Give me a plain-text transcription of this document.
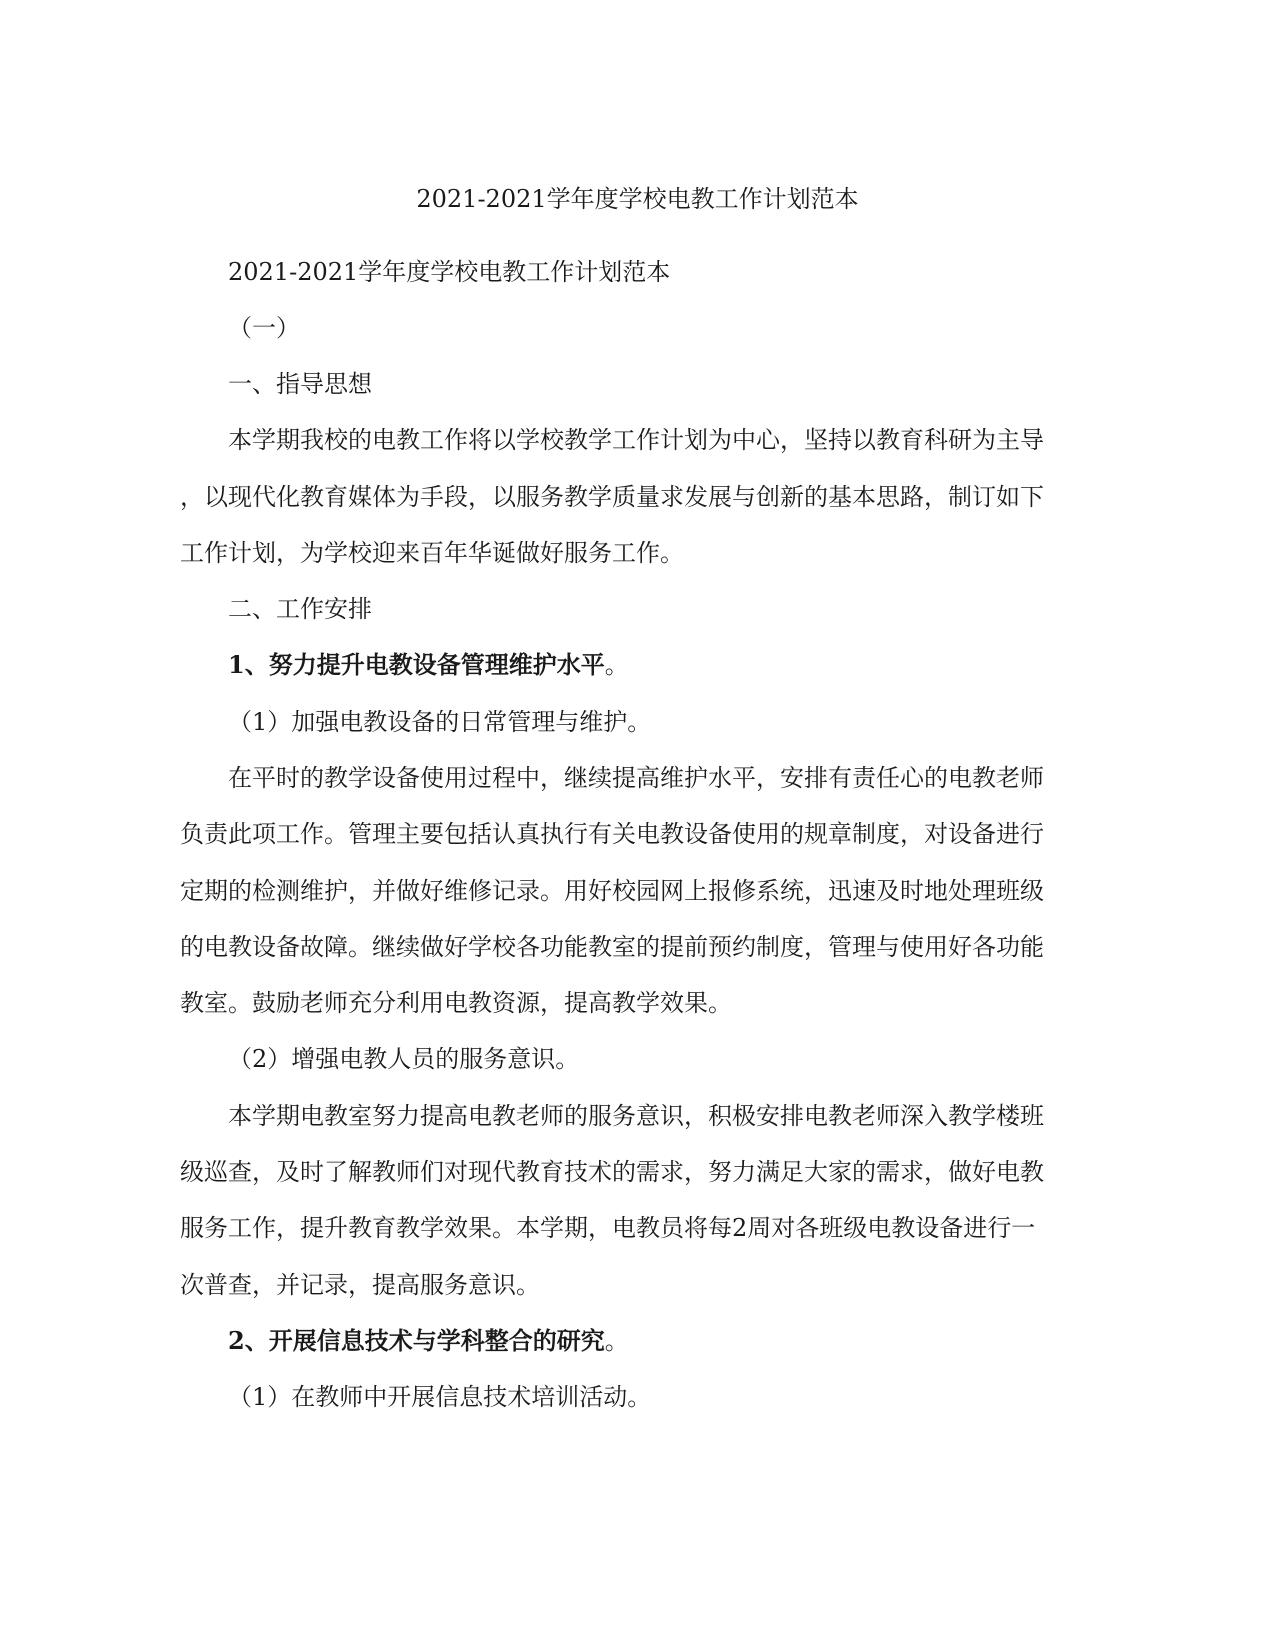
2021-2021学年度学校电教工作计划范本
2021-2021学年度学校电教工作计划范本
（一）
一、指导思想
本学期我校的电教工作将以学校教学工作计划为中心，坚持以教育科研为主导
，以现代化教育媒体为手段，以服务教学质量求发展与创新的基本思路，制订如下
工作计划，为学校迎来百年华诞做好服务工作。
二、工作安排
1、努力提升电教设备管理维护水平。
（1）加强电教设备的日常管理与维护。
在平时的教学设备使用过程中，继续提高维护水平，安排有责任心的电教老师
负责此项工作。管理主要包括认真执行有关电教设备使用的规章制度，对设备进行
定期的检测维护，并做好维修记录。用好校园网上报修系统，迅速及时地处理班级
的电教设备故障。继续做好学校各功能教室的提前预约制度，管理与使用好各功能
教室。鼓励老师充分利用电教资源，提高教学效果。
（2）增强电教人员的服务意识。
本学期电教室努力提高电教老师的服务意识，积极安排电教老师深入教学楼班
级巡查，及时了解教师们对现代教育技术的需求，努力满足大家的需求，做好电教
服务工作，提升教育教学效果。本学期，电教员将每2周对各班级电教设备进行一
次普查，并记录，提高服务意识。
2、开展信息技术与学科整合的研究。
（1）在教师中开展信息技术培训活动。
